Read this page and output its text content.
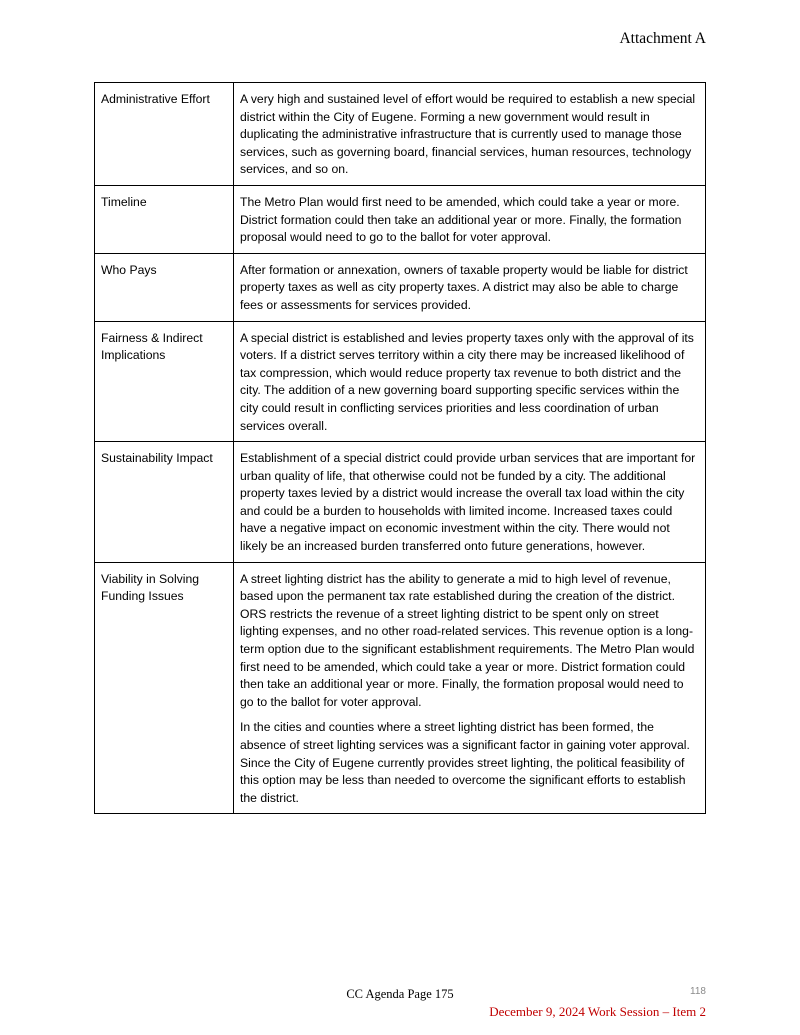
Attachment A
Administrative Effort	A very high and sustained level of effort would be required to establish a new special district within the City of Eugene. Forming a new government would result in duplicating the administrative infrastructure that is currently used to manage those services, such as governing board, financial services, human resources, technology services, and so on.

Timeline	The Metro Plan would first need to be amended, which could take a year or more. District formation could then take an additional year or more. Finally, the formation proposal would need to go to the ballot for voter approval.

Who Pays	After formation or annexation, owners of taxable property would be liable for district property taxes as well as city property taxes. A district may also be able to charge fees or assessments for services provided.

Fairness & Indirect Implications	A special district is established and levies property taxes only with the approval of its voters. If a district serves territory within a city there may be increased likelihood of tax compression, which would reduce property tax revenue to both district and the city. The addition of a new governing board supporting specific services within the city could result in conflicting services priorities and less coordination of urban services overall.

Sustainability Impact	Establishment of a special district could provide urban services that are important for urban quality of life, that otherwise could not be funded by a city. The additional property taxes levied by a district would increase the overall tax load within the city and could be a burden to households with limited income. Increased taxes could have a negative impact on economic investment within the city. There would not likely be an increased burden transferred onto future generations, however.

Viability in Solving Funding Issues	A street lighting district has the ability to generate a mid to high level of revenue, based upon the permanent tax rate established during the creation of the district. ORS restricts the revenue of a street lighting district to be spent only on street lighting expenses, and no other road-related services. This revenue option is a long-term option due to the significant establishment requirements. The Metro Plan would first need to be amended, which could take a year or more. District formation could then take an additional year or more. Finally, the formation proposal would need to go to the ballot for voter approval.

In the cities and counties where a street lighting district has been formed, the absence of street lighting services was a significant factor in gaining voter approval. Since the City of Eugene currently provides street lighting, the political feasibility of this option may be less than needed to overcome the significant efforts to establish the district.

CC Agenda Page 175	118
December 9, 2024 Work Session – Item 2
